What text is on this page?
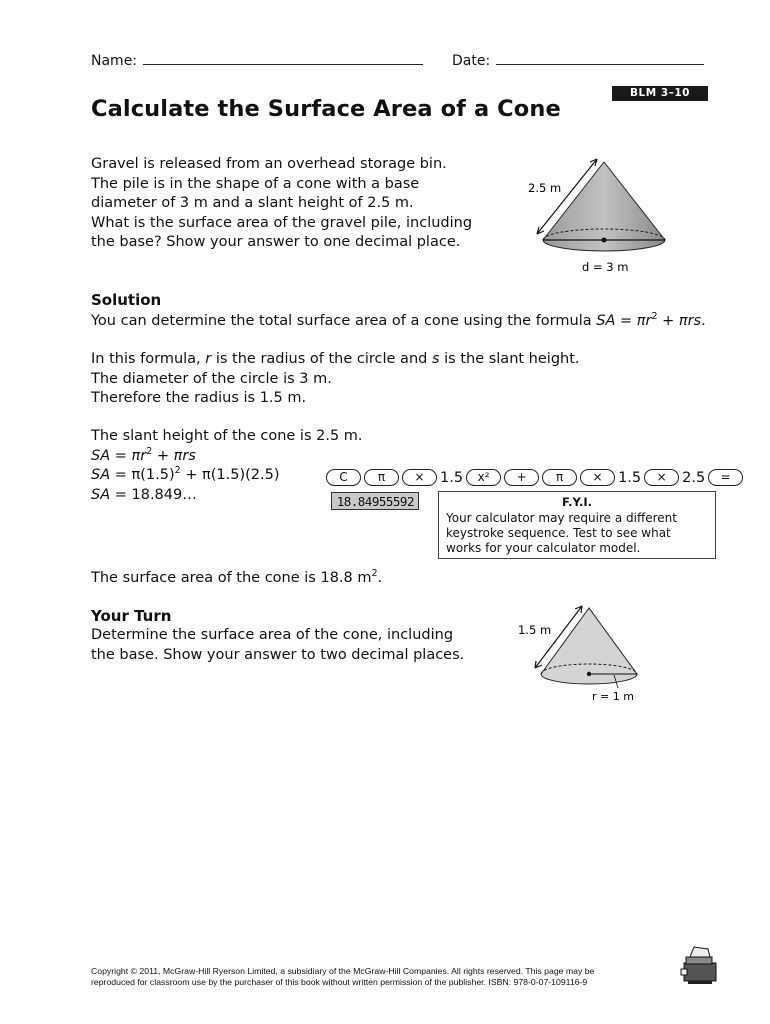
Name:	Date:
BLM 3–10
Calculate the Surface Area of a Cone
Gravel is released from an overhead storage bin.
The pile is in the shape of a cone with a base
diameter of 3 m and a slant height of 2.5 m.
What is the surface area of the gravel pile, including
the base? Show your answer to one decimal place.
2.5 m
d = 3 m
Solution
You can determine the total surface area of a cone using the formula SA = $\pi r^2 + \pi rs$.
In this formula, r is the radius of the circle and s is the slant height.
The diameter of the circle is 3 m.
Therefore the radius is 1.5 m.
The slant height of the cone is 2.5 m.
SA = $\pi r^2 + \pi rs$
SA = $\pi(1.5)^2 + \pi(1.5)(2.5)$
SA = 18.849…
C	π	×	1.5	x²	+	π	×	1.5	×	2.5	=
18.84955592	F.Y.I.
Your calculator may require a different
keystroke sequence. Test to see what
works for your calculator model.
The surface area of the cone is 18.8 $m^2$.
Your Turn
Determine the surface area of the cone, including
the base. Show your answer to two decimal places.
1.5 m
r = 1 m
Copyright © 2011, McGraw-Hill Ryerson Limited, a subsidiary of the McGraw-Hill Companies. All rights reserved. This page may be
reproduced for classroom use by the purchaser of this book without written permission of the publisher. ISBN: 978-0-07-109116-9
